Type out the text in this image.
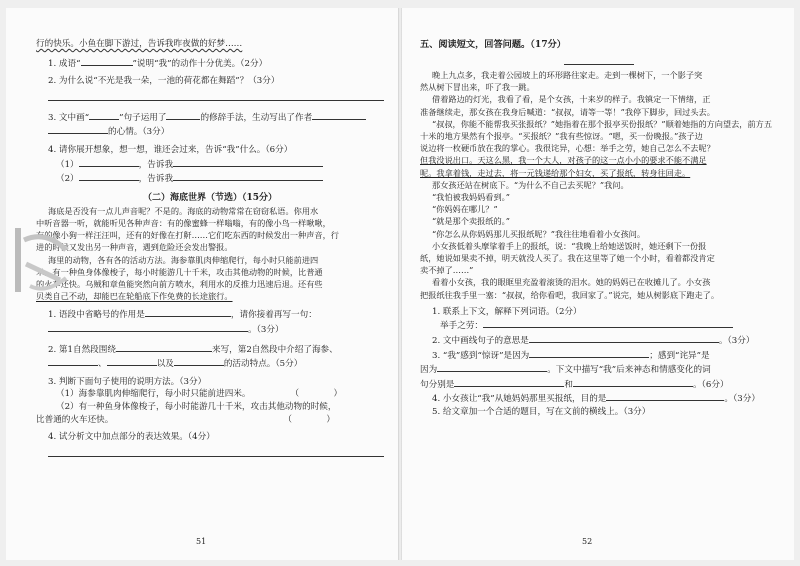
行的快乐。小鱼在脚下游过，告诉我昨夜做的好梦……
1. 成语“	”说明“我”的动作十分优美。（2分）
2. 为什么说“不光是我一朵，一池的荷花都在舞蹈”？（3分）
3. 文中画“	”句子运用了	的修辞手法，生动写出了作者
的心情。（3分）
4. 请你展开想象，想一想，谁还会过来，告诉“我”什么。（6分）
（1）	，告诉我
（2）	，告诉我
（二）海底世界（节选）（15分）
海底是否没有一点儿声音呢？不是的。海底的动物常常在窃窃私语。你用水
中听音器一听，就能听见各种声音：有的像蜜蜂一样嗡嗡，有的像小鸟一样啾啾，
有的像小狗一样汪汪叫，还有的好像在打鼾……它们吃东西的时候发出一种声音，行
进的时候又发出另一种声音，遇到危险还会发出警报。
海里的动物，各有各的活动方法。海参靠肌肉伸缩爬行，每小时只能前进四
米。有一种鱼身体像梭子，每小时能游几十千米，攻击其他动物的时候，比普通
的火车还快。乌贼和章鱼能突然向前方喷水，利用水的反推力迅速后退。还有些
贝类自己不动，却能巴在轮船底下作免费的长途旅行。
1. 语段中省略号的作用是	，请你接着再写一句：
。（3分）
2. 第1自然段围绕	来写，第2自然段中介绍了海参、
、	以及	的活动特点。（5分）
3. 判断下面句子使用的说明方法。（3分）
（1）海参靠肌肉伸缩爬行，每小时只能前进四米。	（　　　　）
（2）有一种鱼身体像梭子，每小时能游几十千米，攻击其他动物的时候，
比普通的火车还快。	（　　　　）
4. 试分析文中加点部分的表达效果。（4分）
51
五、阅读短文，回答问题。（17分）
晚上九点多，我走着公园坡上的环形路往家走。走到一棵树下，一个影子突
然从树下冒出来，吓了我一跳。
借着路边的灯光，我看了看，是个女孩，十来岁的样子。我镇定一下情绪，正
准备继续走，那女孩在我身后喊道：“叔叔，请等一等！”我停下脚步，回过头去。
“叔叔，你能不能帮我买张报纸？”她指着在那个报亭买份报纸？”顺着她指的方向望去，前方五
十米的地方果然有个报亭。“买报纸？”我有些惊讶。“嗯，买一份晚报。”孩子边
说边将一枚硬币放在我的掌心。我很诧异，心想：举手之劳，她自己怎么不去呢？
但我没说出口。天这么黑，我一个大人，对孩子的这一点小小的要求不能不满足
呢。我拿着钱，走过去，将一元钱递给那个妇女，买了报纸，转身往回走。
那女孩还站在树底下。“为什么不自己去买呢？”我问。
“我怕被我妈妈看到。”
“你妈妈在哪儿？”
“就是那个卖报纸的。”
“你怎么从你妈妈那儿买报纸呢？”我往往地看着小女孩问。
小女孩低着头摩挲着手上的报纸，说：“我晚上给她送饭时，她还剩下一份报
纸，她说如果卖不掉，明天就没人买了。我在这里等了她一个小时，看着都没肯定
卖不掉了……”
看着小女孩，我的眼眶里充盈着滚烫的泪水。她的妈妈已在收摊儿了。小女孩
把报纸往我手里一塞：“叔叔，给你看吧，我回家了。”说完，她从树影底下跑走了。
1. 联系上下文，解释下列词语。（2分）
举手之劳：
2. 文中画线句子的意思是	。（3分）
3. “我”感到“惊讶”是因为	；感到“诧异”是
因为	。下文中描写“我”后来神态和情感变化的词
句分别是	和	。（6分）
4. 小女孩让“我”从她妈妈那里买报纸，目的是	。（3分）
5. 给文章加一个合适的题目，写在文前的横线上。（3分）
52
